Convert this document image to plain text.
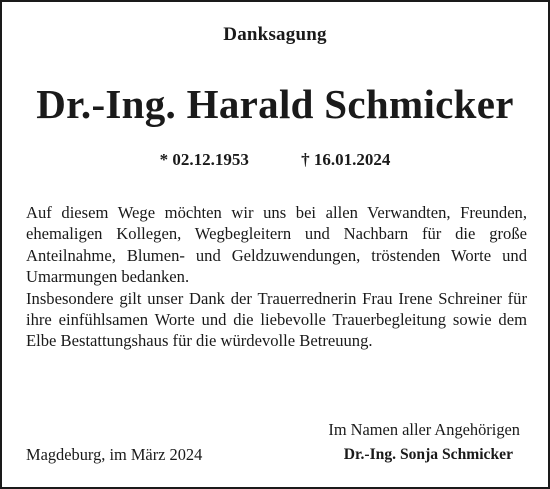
Danksagung
Dr.-Ing. Harald Schmicker
* 02.12.1953	† 16.01.2024

Auf diesem Wege möchten wir uns bei allen Verwandten, Freunden, ehemaligen Kollegen, Wegbegleitern und Nachbarn für die große Anteilnahme, Blumen- und Geldzuwendungen, tröstenden Worte und Umarmungen bedanken.

Insbesondere gilt unser Dank der Trauerrednerin Frau Irene Schreiner für ihre einfühlsamen Worte und die liebevolle Trauerbegleitung sowie dem Elbe Bestattungshaus für die würdevolle Betreuung.

Im Namen aller Angehörigen
Dr.-Ing. Sonja Schmicker
Magdeburg, im März 2024
